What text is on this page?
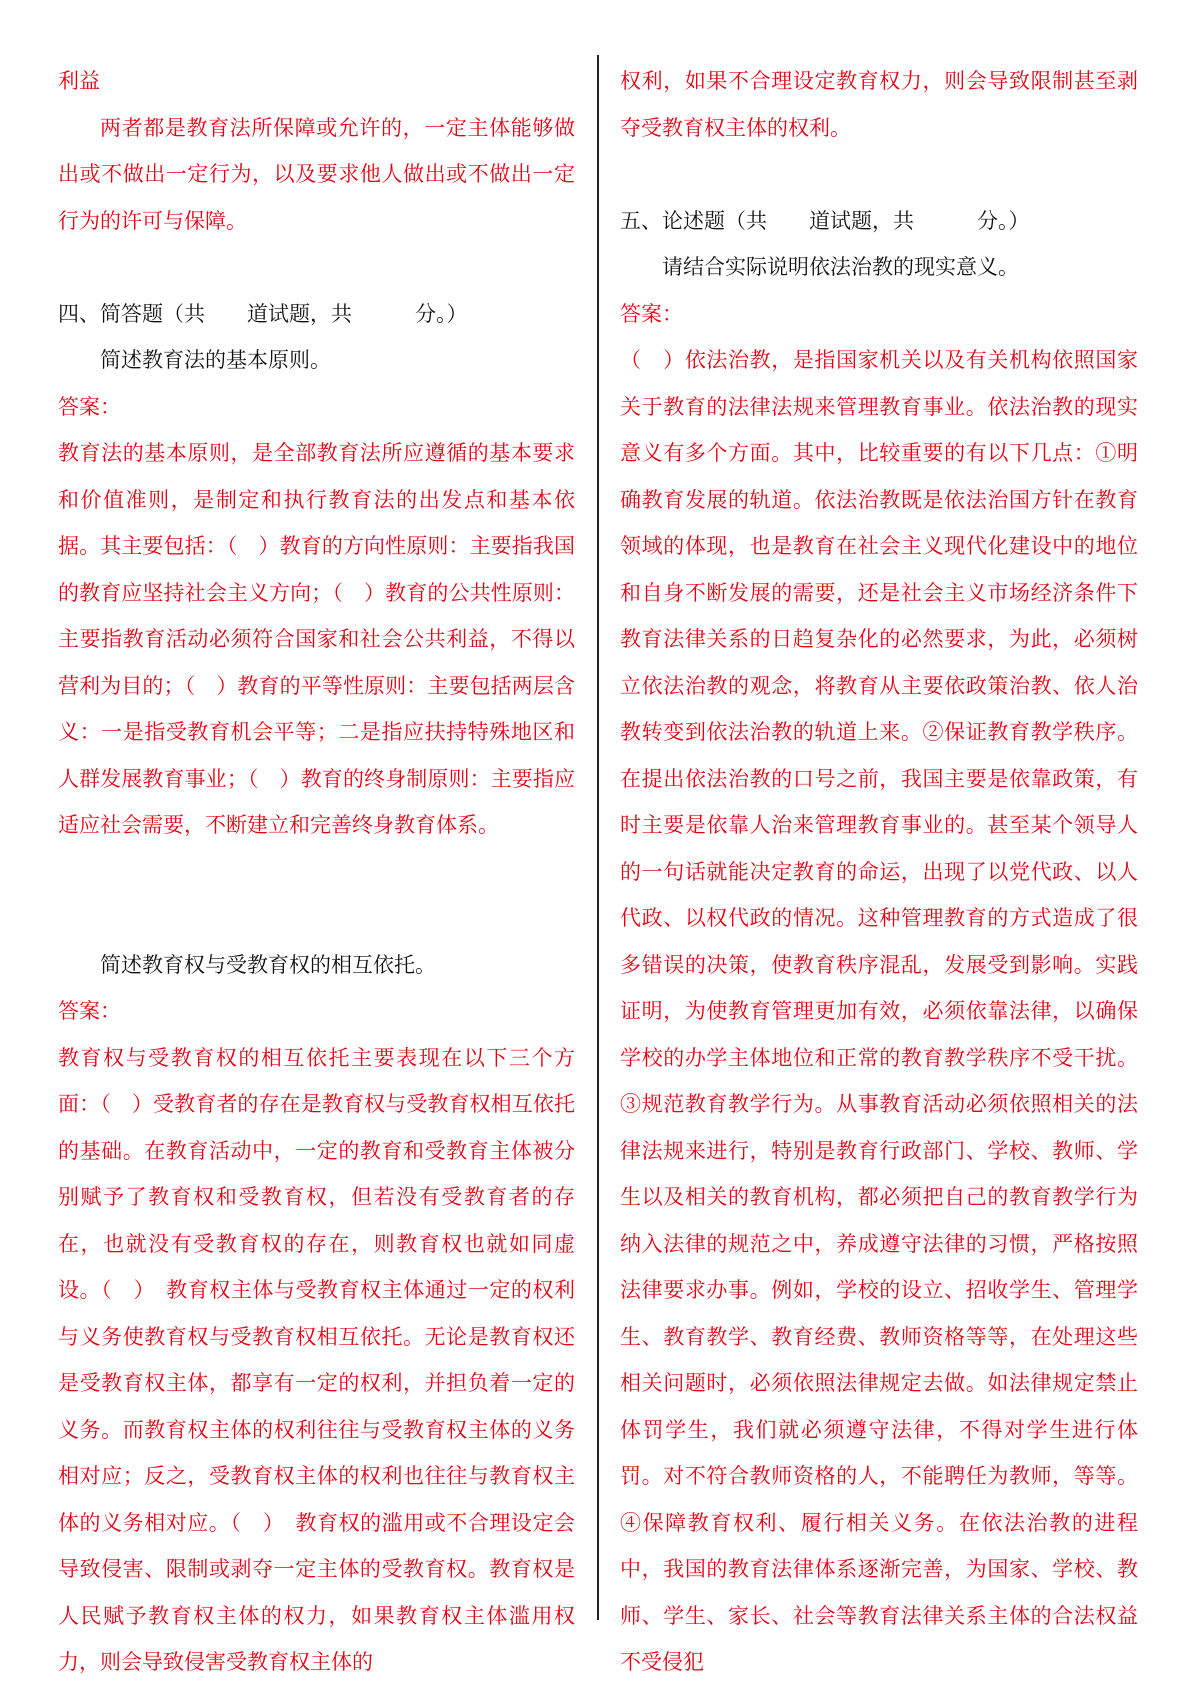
利益

两者都是教育法所保障或允许的，一定主体能够做出或不做出一定行为，以及要求他人做出或不做出一定行为的许可与保障。

四、简答题（共　　道试题，共　　　分。）

简述教育法的基本原则。

答案：

教育法的基本原则，是全部教育法所应遵循的基本要求和价值准则，是制定和执行教育法的出发点和基本依据。其主要包括：（　）教育的方向性原则：主要指我国的教育应坚持社会主义方向；（　）教育的公共性原则：主要指教育活动必须符合国家和社会公共利益，不得以营利为目的；（　）教育的平等性原则：主要包括两层含义：一是指受教育机会平等；二是指应扶持特殊地区和人群发展教育事业；（　）教育的终身制原则：主要指应适应社会需要，不断建立和完善终身教育体系。

简述教育权与受教育权的相互依托。

答案：

教育权与受教育权的相互依托主要表现在以下三个方面：（　）受教育者的存在是教育权与受教育权相互依托的基础。在教育活动中，一定的教育和受教育主体被分别赋予了教育权和受教育权，但若没有受教育者的存在，也就没有受教育权的存在，则教育权也就如同虚设。（　）　教育权主体与受教育权主体通过一定的权利与义务使教育权与受教育权相互依托。无论是教育权还是受教育权主体，都享有一定的权利，并担负着一定的义务。而教育权主体的权利往往与受教育权主体的义务相对应；反之，受教育权主体的权利也往往与教育权主体的义务相对应。（　）　教育权的滥用或不合理设定会导致侵害、限制或剥夺一定主体的受教育权。教育权是人民赋予教育权主体的权力，如果教育权主体滥用权力，则会导致侵害受教育权主体的

权利，如果不合理设定教育权力，则会导致限制甚至剥夺受教育权主体的权利。

五、论述题（共　　道试题，共　　　分。）

请结合实际说明依法治教的现实意义。

答案：

（　）依法治教，是指国家机关以及有关机构依照国家关于教育的法律法规来管理教育事业。依法治教的现实意义有多个方面。其中，比较重要的有以下几点：①明确教育发展的轨道。依法治教既是依法治国方针在教育领域的体现，也是教育在社会主义现代化建设中的地位和自身不断发展的需要，还是社会主义市场经济条件下教育法律关系的日趋复杂化的必然要求，为此，必须树立依法治教的观念，将教育从主要依政策治教、依人治教转变到依法治教的轨道上来。②保证教育教学秩序。在提出依法治教的口号之前，我国主要是依靠政策，有时主要是依靠人治来管理教育事业的。甚至某个领导人的一句话就能决定教育的命运，出现了以党代政、以人代政、以权代政的情况。这种管理教育的方式造成了很多错误的决策，使教育秩序混乱，发展受到影响。实践证明，为使教育管理更加有效，必须依靠法律，以确保学校的办学主体地位和正常的教育教学秩序不受干扰。③规范教育教学行为。从事教育活动必须依照相关的法律法规来进行，特别是教育行政部门、学校、教师、学生以及相关的教育机构，都必须把自己的教育教学行为纳入法律的规范之中，养成遵守法律的习惯，严格按照法律要求办事。例如，学校的设立、招收学生、管理学生、教育教学、教育经费、教师资格等等，在处理这些相关问题时，必须依照法律规定去做。如法律规定禁止体罚学生，我们就必须遵守法律，不得对学生进行体罚。对不符合教师资格的人，不能聘任为教师，等等。④保障教育权利、履行相关义务。在依法治教的进程中，我国的教育法律体系逐渐完善，为国家、学校、教师、学生、家长、社会等教育法律关系主体的合法权益不受侵犯
